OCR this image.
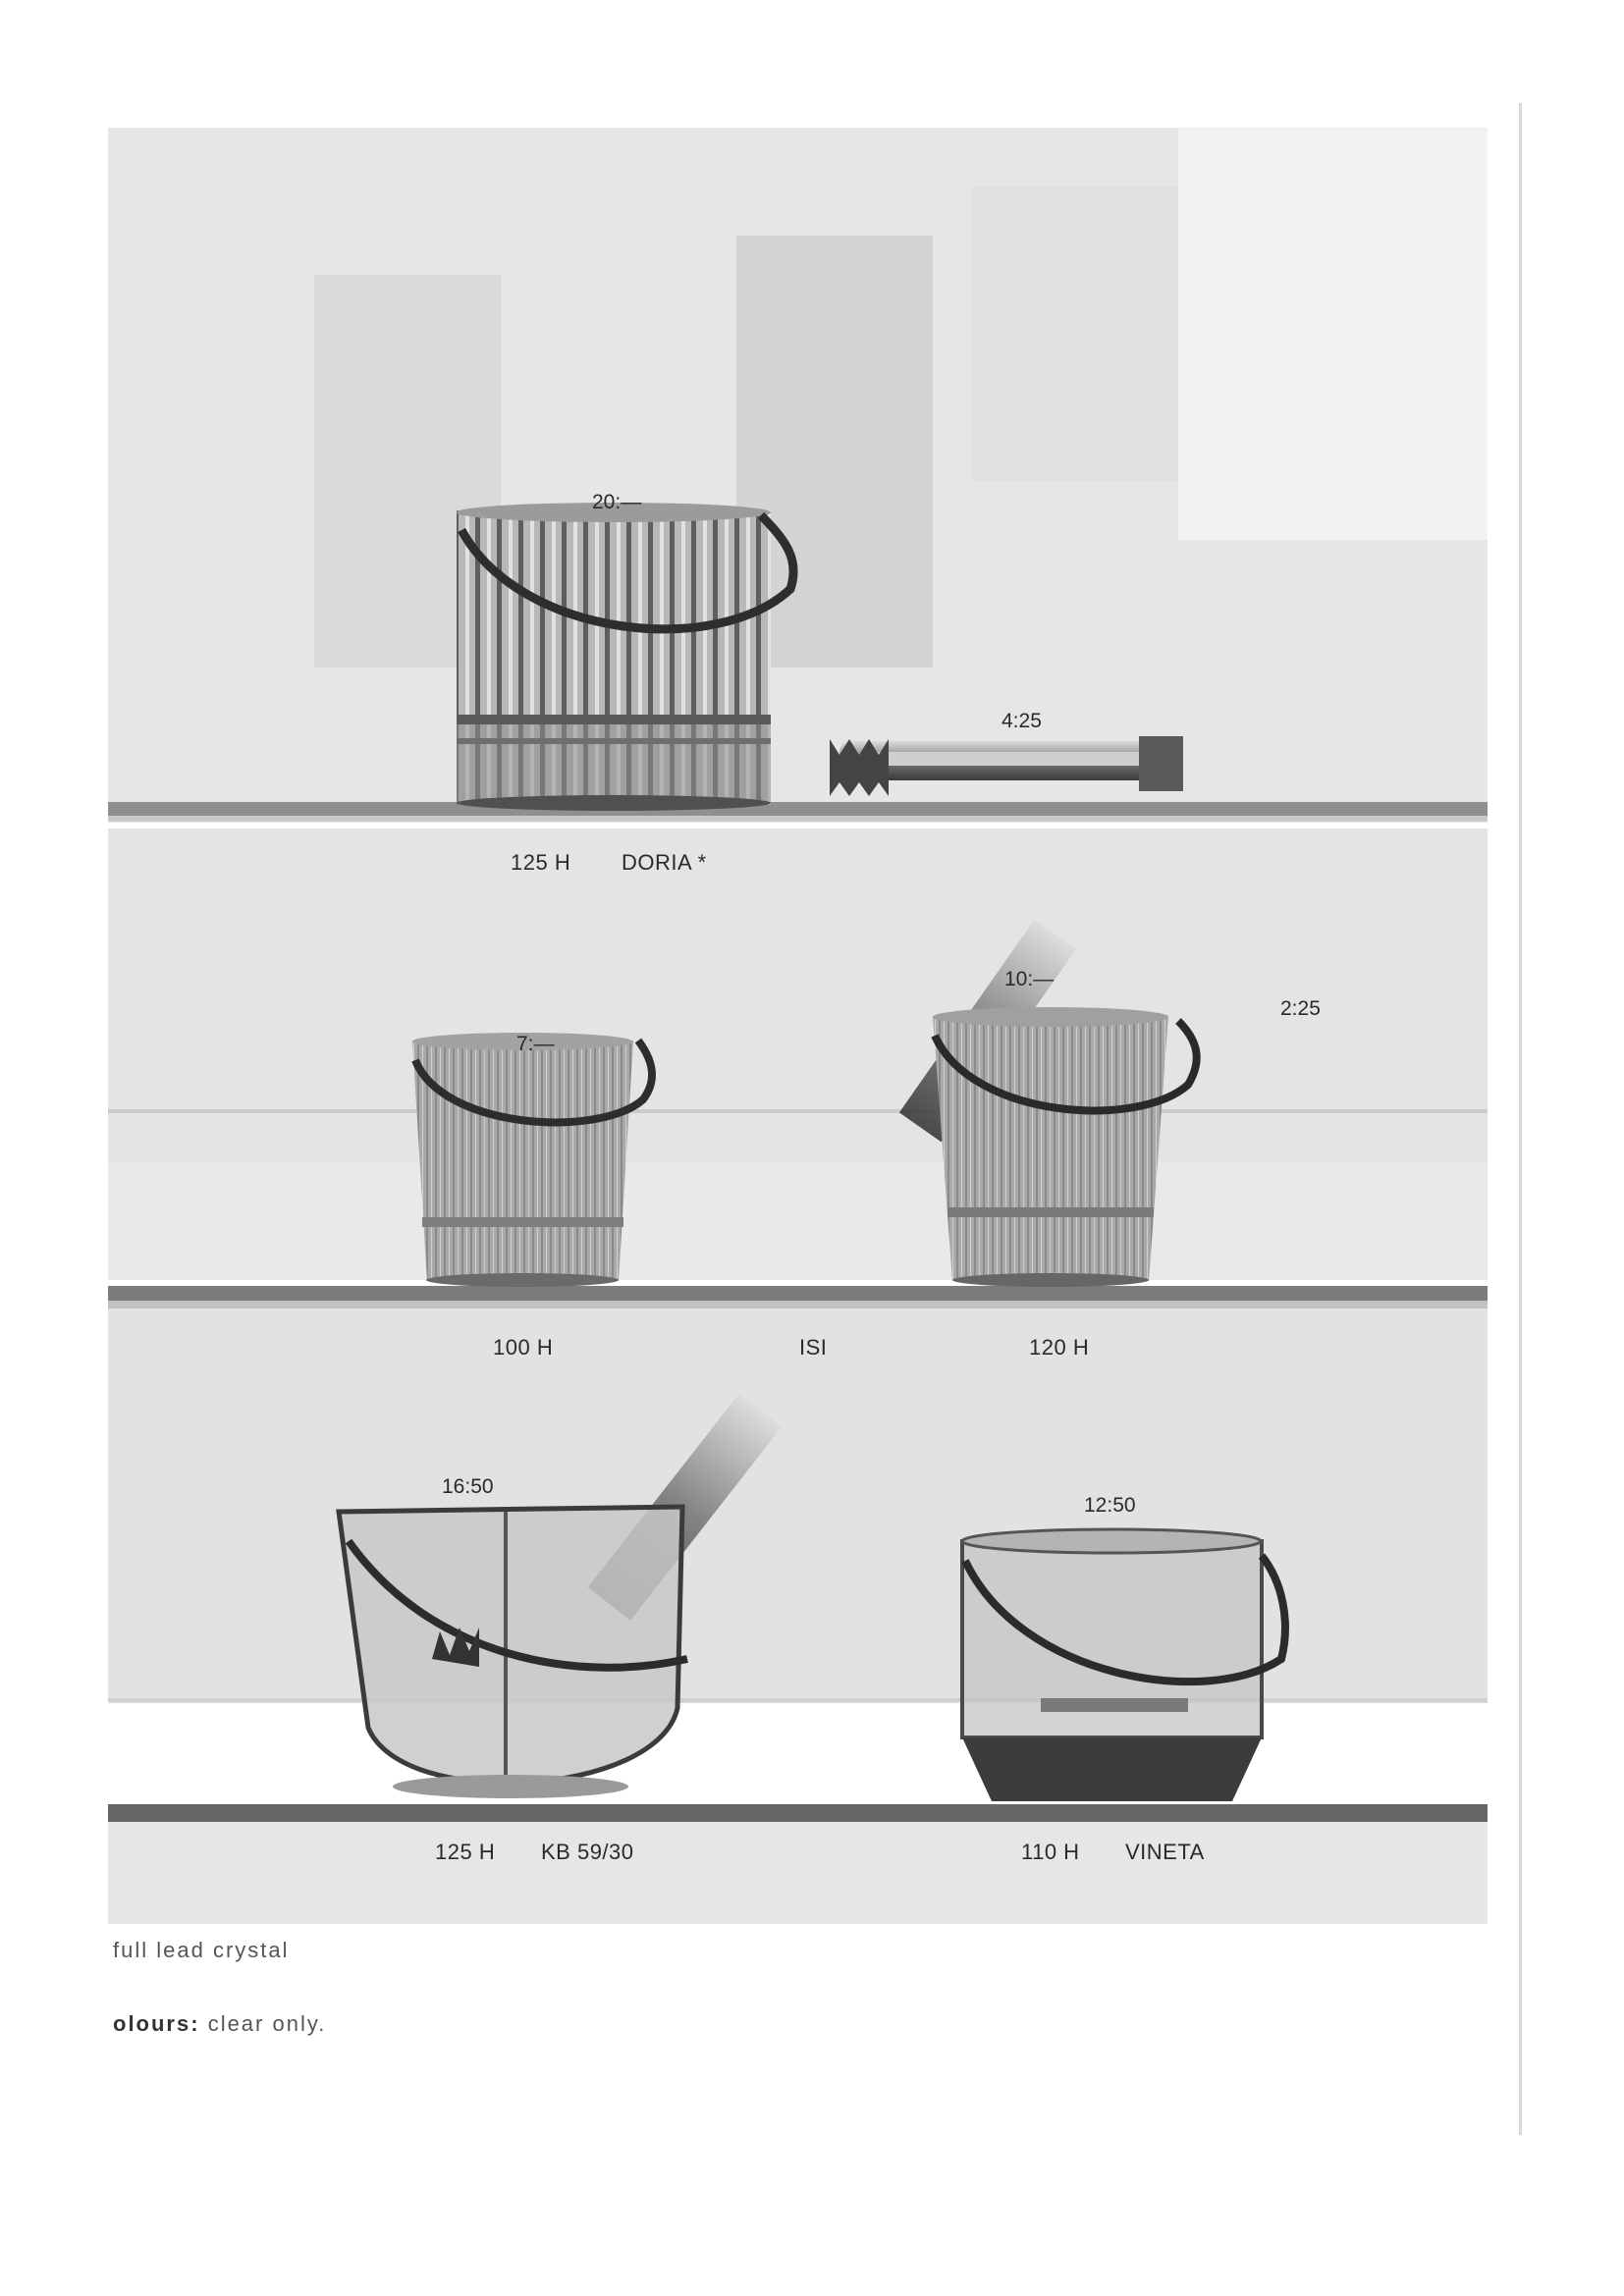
20:—
4:25
125 H DORIA *
7:—
10:—
2:25
100 H	ISI	120 H
16:50
12:50
125 H KB 59/30	110 H VINETA
full lead crystal
olours: clear only.
